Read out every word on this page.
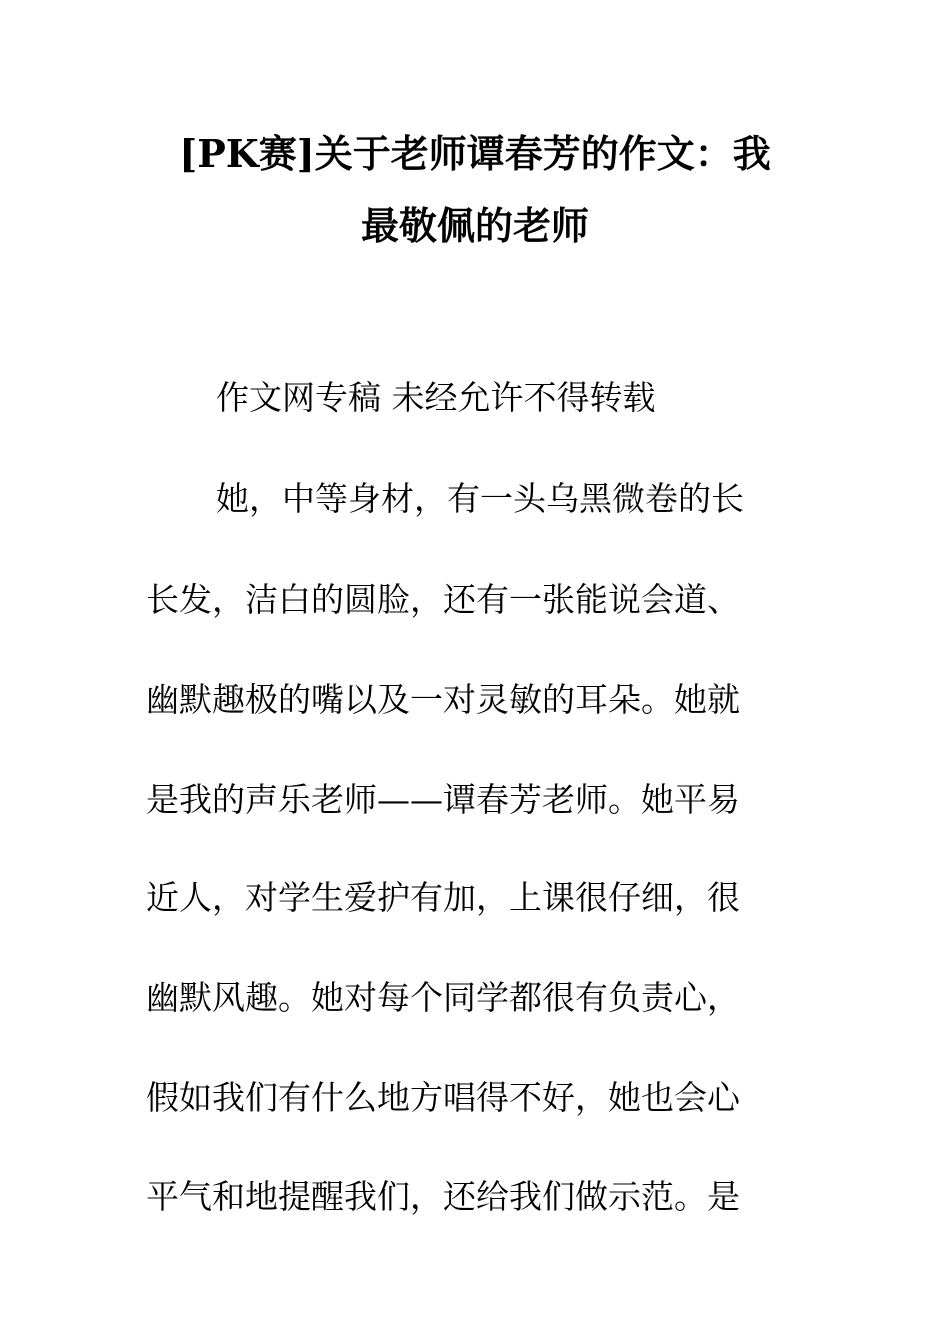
[PK赛]关于老师谭春芳的作文：我
最敬佩的老师

作文网专稿 未经允许不得转载

她，中等身材，有一头乌黑微卷的长

长发，洁白的圆脸，还有一张能说会道、

幽默趣极的嘴以及一对灵敏的耳朵。她就

是我的声乐老师——谭春芳老师。她平易

近人，对学生爱护有加，上课很仔细，很

幽默风趣。她对每个同学都很有负责心，

假如我们有什么地方唱得不好，她也会心

平气和地提醒我们，还给我们做示范。是
